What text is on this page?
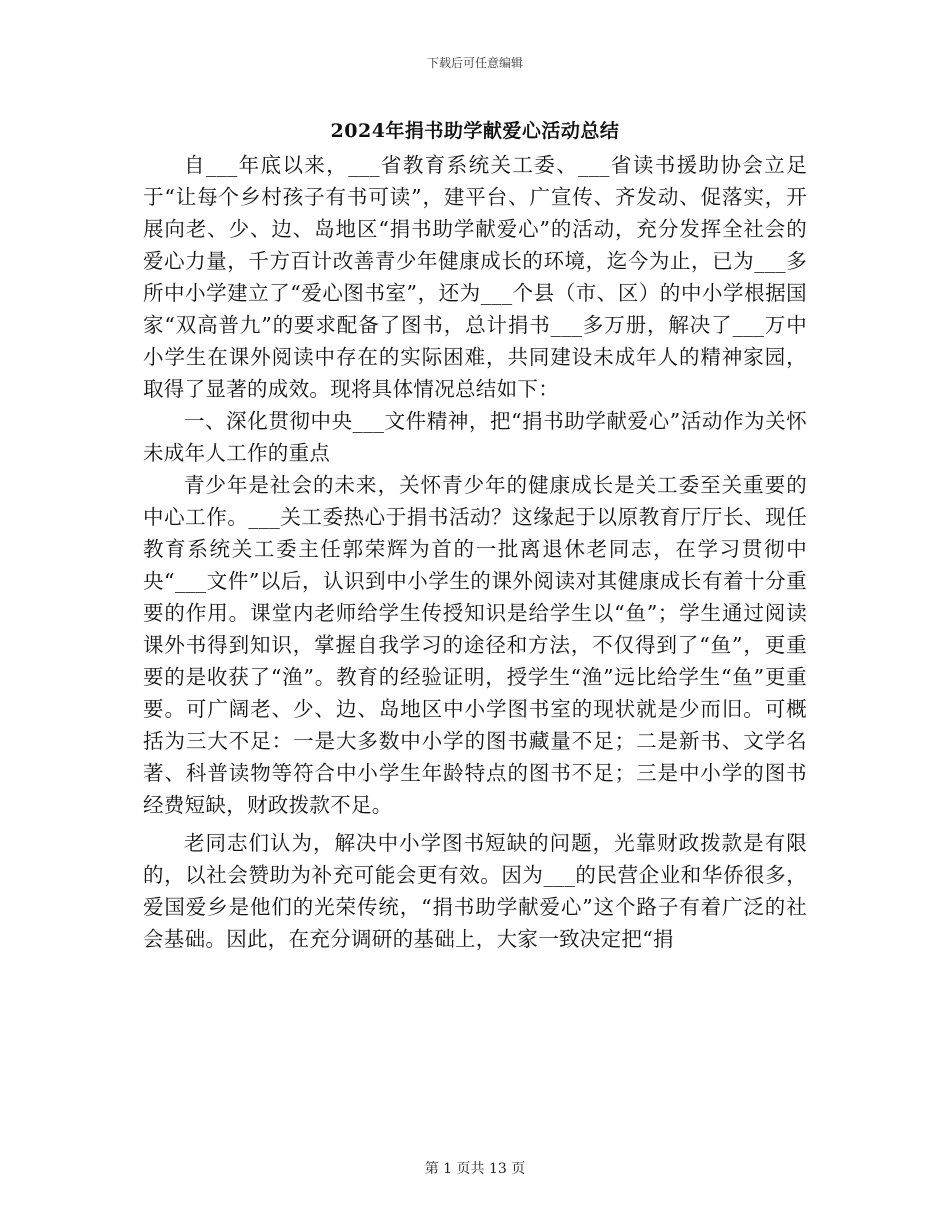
下载后可任意编辑
2024年捐书助学献爱心活动总结

自___年底以来，___省教育系统关工委、___省读书援助协会立足于“让每个乡村孩子有书可读”，建平台、广宣传、齐发动、促落实，开展向老、少、边、岛地区“捐书助学献爱心”的活动，充分发挥全社会的爱心力量，千方百计改善青少年健康成长的环境，迄今为止，已为___多所中小学建立了“爱心图书室”，还为___个县（市、区）的中小学根据国家“双高普九”的要求配备了图书，总计捐书___多万册，解决了___万中小学生在课外阅读中存在的实际困难，共同建设未成年人的精神家园，取得了显著的成效。现将具体情况总结如下：

一、深化贯彻中央___文件精神，把“捐书助学献爱心”活动作为关怀未成年人工作的重点

青少年是社会的未来，关怀青少年的健康成长是关工委至关重要的中心工作。___关工委热心于捐书活动？这缘起于以原教育厅厅长、现任教育系统关工委主任郭荣辉为首的一批离退休老同志，在学习贯彻中央“___文件”以后，认识到中小学生的课外阅读对其健康成长有着十分重要的作用。课堂内老师给学生传授知识是给学生以“鱼”；学生通过阅读课外书得到知识，掌握自我学习的途径和方法，不仅得到了“鱼”，更重要的是收获了“渔”。教育的经验证明，授学生“渔”远比给学生“鱼”更重要。可广阔老、少、边、岛地区中小学图书室的现状就是少而旧。可概括为三大不足：一是大多数中小学的图书藏量不足；二是新书、文学名著、科普读物等符合中小学生年龄特点的图书不足；三是中小学的图书经费短缺，财政拨款不足。

老同志们认为，解决中小学图书短缺的问题，光靠财政拨款是有限的，以社会赞助为补充可能会更有效。因为___的民营企业和华侨很多，爱国爱乡是他们的光荣传统，“捐书助学献爱心”这个路子有着广泛的社会基础。因此，在充分调研的基础上，大家一致决定把“捐

第 1 页共 13 页
